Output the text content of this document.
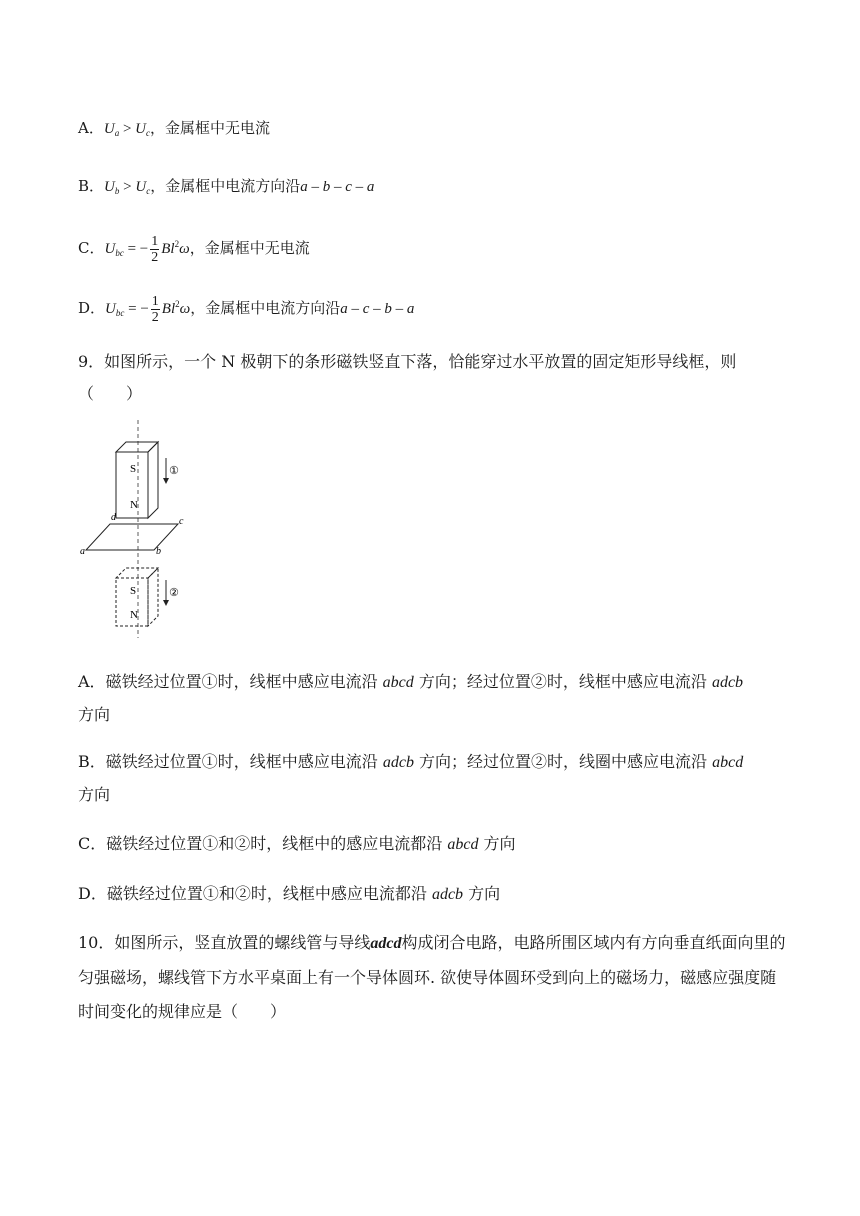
A．$U_a > U_c$，金属框中无电流
B．$U_b > U_c$，金属框中电流方向沿a – b – c – a
C．$U_{bc}$ = − $\frac{1}{2} Bl^2\omega$，金属框中无电流
D．$U_{bc}$ = − $\frac{1}{2} Bl^2\omega$，金属框中电流方向沿a – c – b – a
9．如图所示，一个 N 极朝下的条形磁铁竖直下落，恰能穿过水平放置的固定矩形导线框，则
（　　）
S
N
①
a	b
c
d
S
N
②
A．磁铁经过位置①时，线框中感应电流沿 abcd 方向；经过位置②时，线框中感应电流沿 adcb
方向
B．磁铁经过位置①时，线框中感应电流沿 adcb 方向；经过位置②时，线圈中感应电流沿 abcd
方向
C．磁铁经过位置①和②时，线框中的感应电流都沿 abcd 方向
D．磁铁经过位置①和②时，线框中感应电流都沿 adcb 方向
10．如图所示，竖直放置的螺线管与导线adcd构成闭合电路，电路所围区域内有方向垂直纸面向里的匀强磁场，螺线管下方水平桌面上有一个导体圆环. 欲使导体圆环受到向上的磁场力，磁感应强度随时间变化的规律应是（　　）
